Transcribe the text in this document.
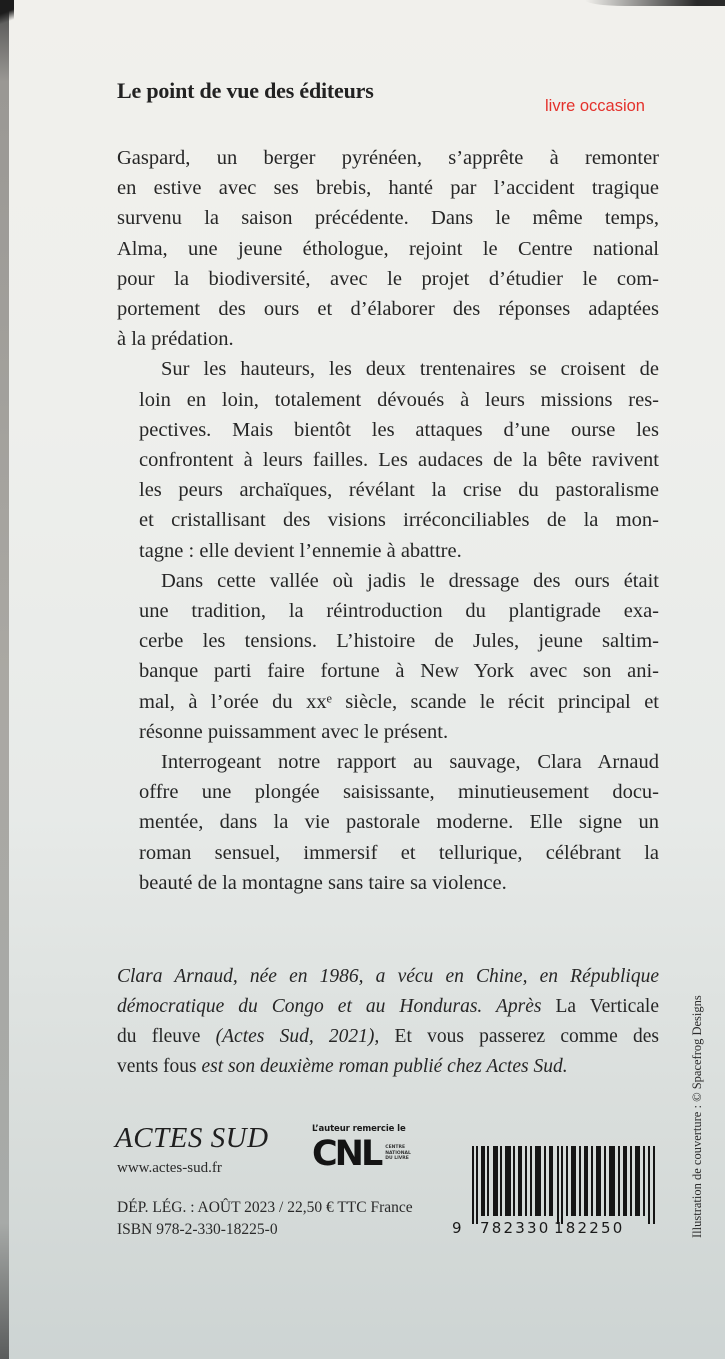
Le point de vue des éditeurs
livre occasion

Gaspard, un berger pyrénéen, s’apprête à remonter
en estive avec ses brebis, hanté par l’accident tragique
survenu la saison précédente. Dans le même temps,
Alma, une jeune éthologue, rejoint le Centre national
pour la biodiversité, avec le projet d’étudier le com-
portement des ours et d’élaborer des réponses adaptées
à la prédation.

Sur les hauteurs, les deux trentenaires se croisent de
loin en loin, totalement dévoués à leurs missions res-
pectives. Mais bientôt les attaques d’une ourse les
confrontent à leurs failles. Les audaces de la bête ravivent
les peurs archaïques, révélant la crise du pastoralisme
et cristallisant des visions irréconciliables de la mon-
tagne : elle devient l’ennemie à abattre.

Dans cette vallée où jadis le dressage des ours était
une tradition, la réintroduction du plantigrade exa-
cerbe les tensions. L’histoire de Jules, jeune saltim-
banque parti faire fortune à New York avec son ani-
mal, à l’orée du xxᵉ siècle, scande le récit principal et
résonne puissamment avec le présent.

Interrogeant notre rapport au sauvage, Clara Arnaud
offre une plongée saisissante, minutieusement docu-
mentée, dans la vie pastorale moderne. Elle signe un
roman sensuel, immersif et tellurique, célébrant la
beauté de la montagne sans taire sa violence.

Clara Arnaud, née en 1986, a vécu en Chine, en République
démocratique du Congo et au Honduras. Après La Verticale
du fleuve (Actes Sud, 2021), Et vous passerez comme des
vents fous est son deuxième roman publié chez Actes Sud.
ACTES SUD
www.actes-sud.fr
L’auteur remercie le
CNL CENTRE
NATIONAL
DU LIVRE
DÉP. LÉG. : AOÛT 2023 / 22,50 € TTC France
ISBN 978-2-330-18225-0	9 782330 182250	Illustration de couverture : © Spacefrog Designs
